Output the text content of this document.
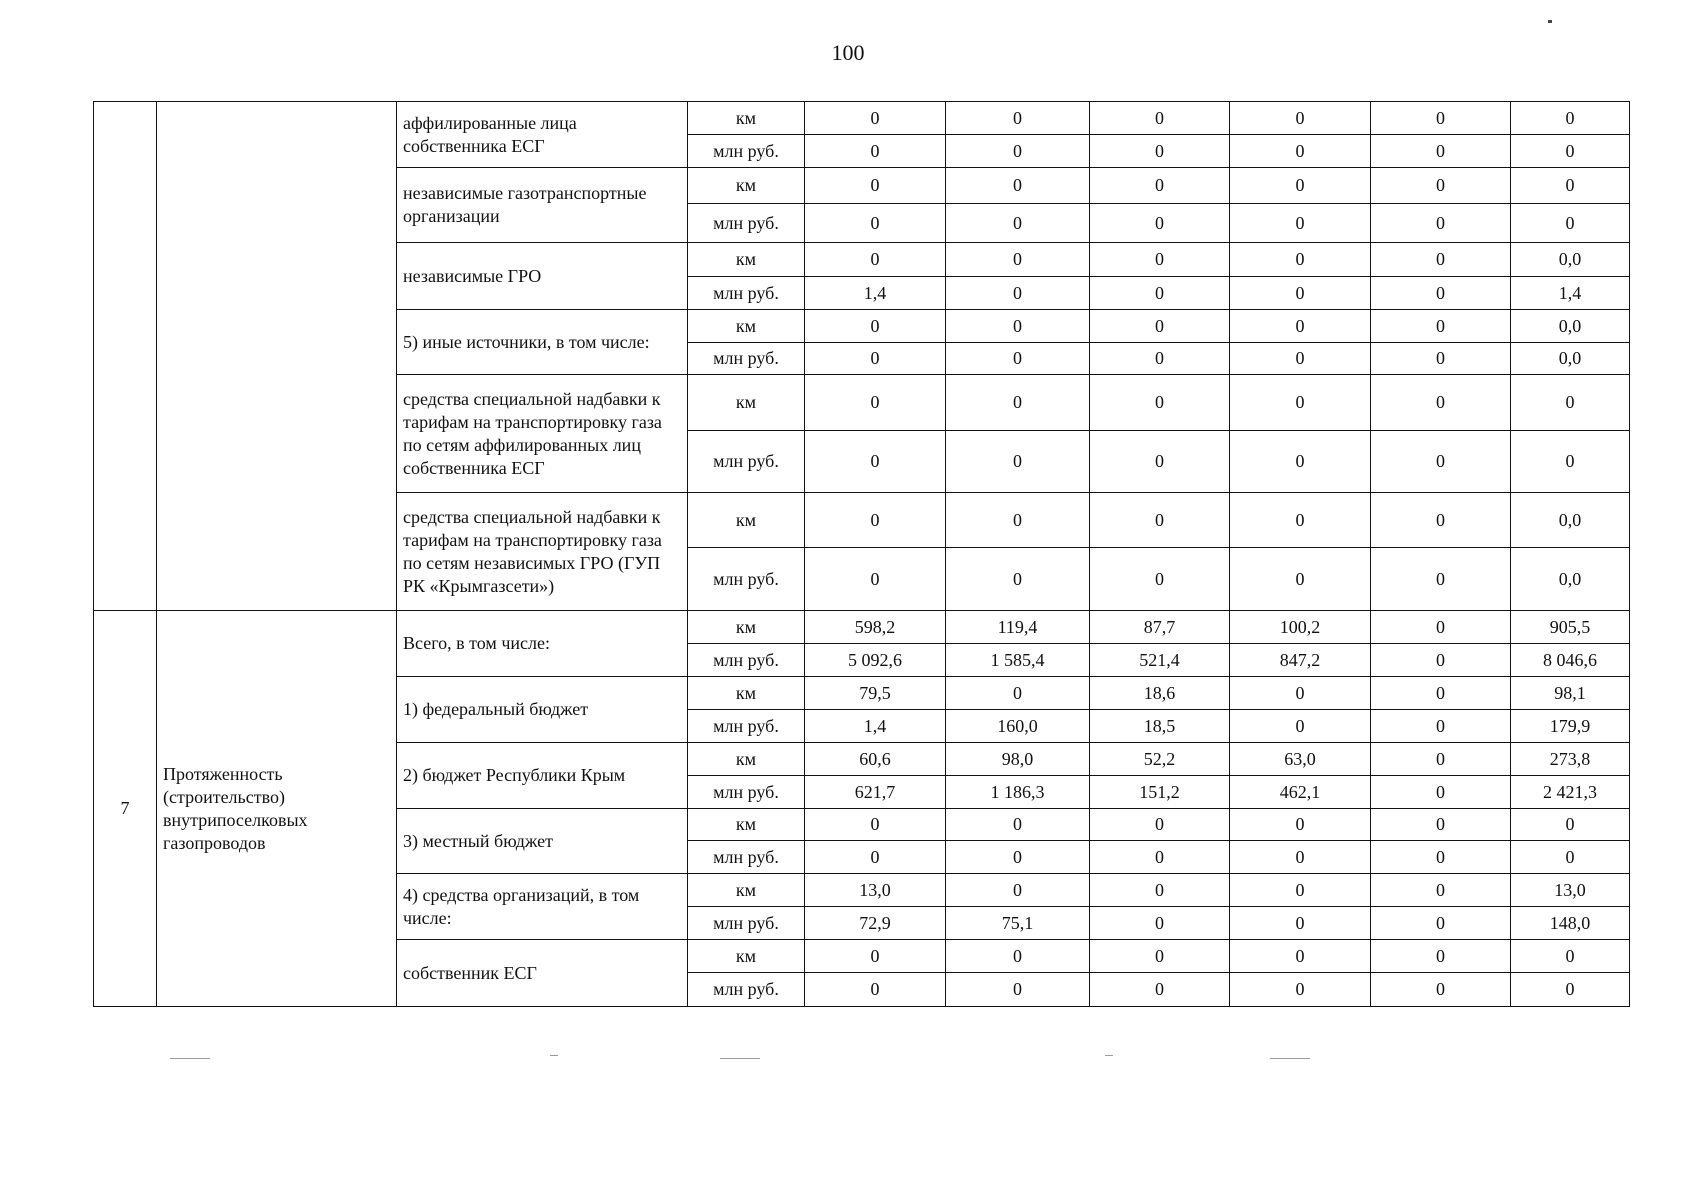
100
		аффилированные лица собственника ЕСГ	км	0	0	0	0	0	0
			млн руб.	0	0	0	0	0	0
		независимые газотранспортные организации	км	0	0	0	0	0	0
			млн руб.	0	0	0	0	0	0
		независимые ГРО	км	0	0	0	0	0	0,0
			млн руб.	1,4	0	0	0	0	1,4
		5) иные источники, в том числе:	км	0	0	0	0	0	0,0
			млн руб.	0	0	0	0	0	0,0
		средства специальной надбавки к тарифам на транспортировку газа по сетям аффилированных лиц собственника ЕСГ	км	0	0	0	0	0	0
			млн руб.	0	0	0	0	0	0
		средства специальной надбавки к тарифам на транспортировку газа по сетям независимых ГРО (ГУП РК «Крымгазсети»)	км	0	0	0	0	0	0,0
			млн руб.	0	0	0	0	0	0,0
7	Протяженность (строительство) внутрипоселковых газопроводов	Всего, в том числе:	км	598,2	119,4	87,7	100,2	0	905,5
			млн руб.	5 092,6	1 585,4	521,4	847,2	0	8 046,6
		1) федеральный бюджет	км	79,5	0	18,6	0	0	98,1
			млн руб.	1,4	160,0	18,5	0	0	179,9
		2) бюджет Республики Крым	км	60,6	98,0	52,2	63,0	0	273,8
			млн руб.	621,7	1 186,3	151,2	462,1	0	2 421,3
		3) местный бюджет	км	0	0	0	0	0	0
			млн руб.	0	0	0	0	0	0
		4) средства организаций, в том числе:	км	13,0	0	0	0	0	13,0
			млн руб.	72,9	75,1	0	0	0	148,0
		собственник ЕСГ	км	0	0	0	0	0	0
			млн руб.	0	0	0	0	0	0
